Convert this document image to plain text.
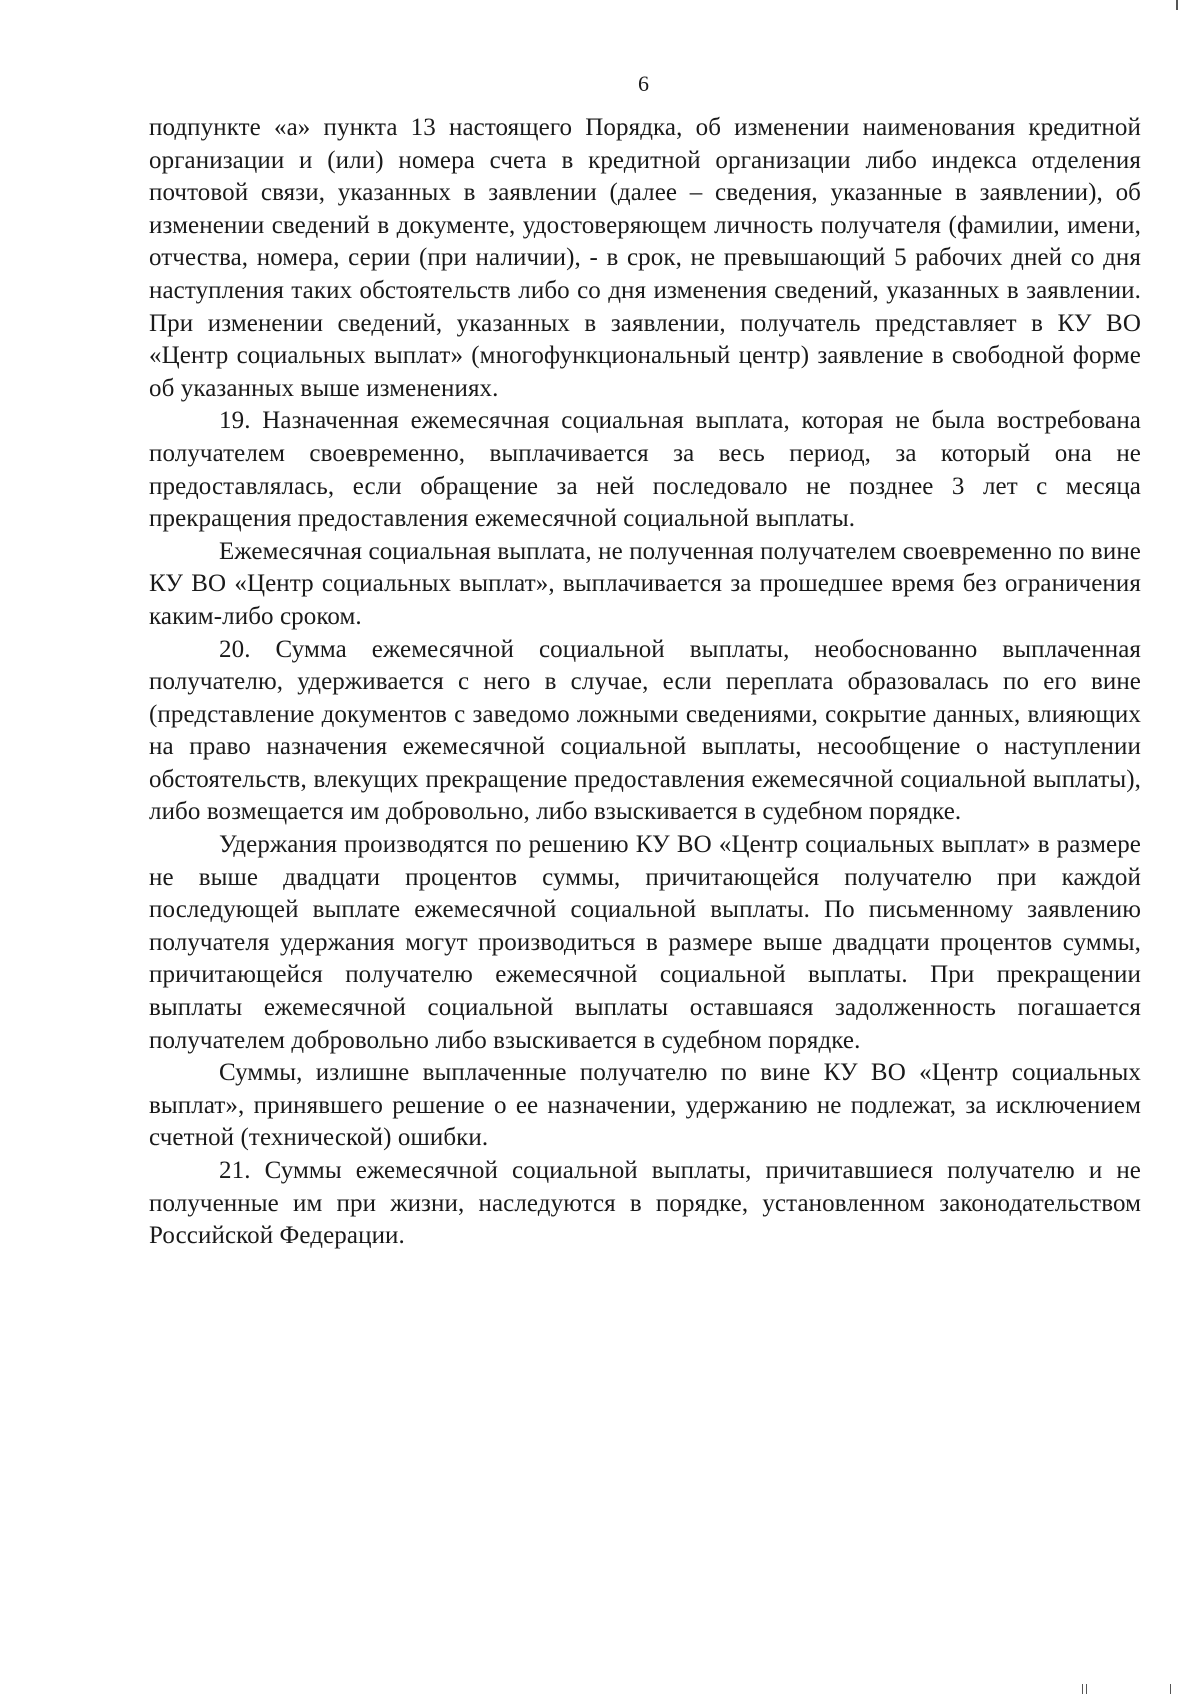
6

подпункте «а» пункта 13 настоящего Порядка, об изменении наименования кредитной организации и (или) номера счета в кредитной организации либо индекса отделения почтовой связи, указанных в заявлении (далее – сведения, указанные в заявлении), об изменении сведений в документе, удостоверяющем личность получателя (фамилии, имени, отчества, номера, серии (при наличии), - в срок, не превышающий 5 рабочих дней со дня наступления таких обстоятельств либо со дня изменения сведений, указанных в заявлении. При изменении сведений, указанных в заявлении, получатель представляет в КУ ВО «Центр социальных выплат» (многофункциональный центр) заявление в свободной форме об указанных выше изменениях.

19. Назначенная ежемесячная социальная выплата, которая не была востребована получателем своевременно, выплачивается за весь период, за который она не предоставлялась, если обращение за ней последовало не позднее 3 лет с месяца прекращения предоставления ежемесячной социальной выплаты.

Ежемесячная социальная выплата, не полученная получателем своевременно по вине КУ ВО «Центр социальных выплат», выплачивается за прошедшее время без ограничения каким-либо сроком.

20. Сумма ежемесячной социальной выплаты, необоснованно выплаченная получателю, удерживается с него в случае, если переплата образовалась по его вине (представление документов с заведомо ложными сведениями, сокрытие данных, влияющих на право назначения ежемесячной социальной выплаты, несообщение о наступлении обстоятельств, влекущих прекращение предоставления ежемесячной социальной выплаты), либо возмещается им добровольно, либо взыскивается в судебном порядке.

Удержания производятся по решению КУ ВО «Центр социальных выплат» в размере не выше двадцати процентов суммы, причитающейся получателю при каждой последующей выплате ежемесячной социальной выплаты. По письменному заявлению получателя удержания могут производиться в размере выше двадцати процентов суммы, причитающейся получателю ежемесячной социальной выплаты. При прекращении выплаты ежемесячной социальной выплаты оставшаяся задолженность погашается получателем добровольно либо взыскивается в судебном порядке.

Суммы, излишне выплаченные получателю по вине КУ ВО «Центр социальных выплат», принявшего решение о ее назначении, удержанию не подлежат, за исключением счетной (технической) ошибки.

21. Суммы ежемесячной социальной выплаты, причитавшиеся получателю и не полученные им при жизни, наследуются в порядке, установленном законодательством Российской Федерации.
